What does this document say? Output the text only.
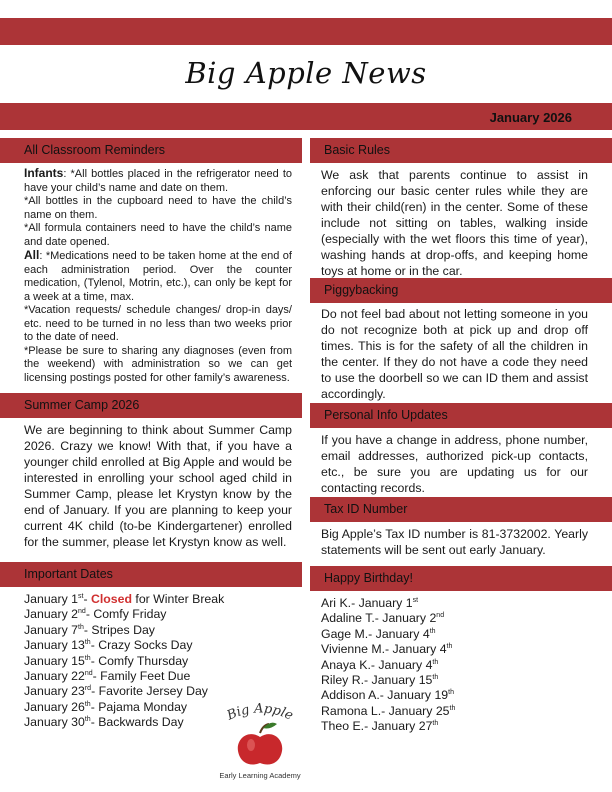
Big Apple News
January 2026
All Classroom Reminders

Infants: *All bottles placed in the refrigerator need to have your child’s name and date on them.

*All bottles in the cupboard need to have the child’s name on them.

*All formula containers need to have the child’s name and date opened.

All: *Medications need to be taken home at the end of each administration period. Over the counter medication, (Tylenol, Motrin, etc.), can only be kept for a week at a time, max.

*Vacation requests/ schedule changes/ drop-in days/ etc. need to be turned in no less than two weeks prior to the date of need.

*Please be sure to sharing any diagnoses (even from the weekend) with administration so we can get licensing postings posted for other family’s awareness.

Summer Camp 2026
We are beginning to think about Summer Camp 2026. Crazy we know! With that, if you have a younger child enrolled at Big Apple and would be interested in enrolling your school aged child in Summer Camp, please let Krystyn know by the end of January. If you are planning to keep your current 4K child (to-be Kindergartener) enrolled for the summer, please let Krystyn know as well.
Important Dates
January 1st- Closed for Winter Break
January 2nd- Comfy Friday
January 7th- Stripes Day
January 13th- Crazy Socks Day
January 15th- Comfy Thursday
January 22nd- Family Feet Due
January 23rd- Favorite Jersey Day
January 26th- Pajama Monday
January 30th- Backwards Day	Big Apple
Early Learning Academy
Basic Rules
We ask that parents continue to assist in enforcing our basic center rules while they are with their child(ren) in the center. Some of these include not sitting on tables, walking inside (especially with the wet floors this time of year), washing hands at drop-offs, and keeping home toys at home or in the car.
Piggybacking
Do not feel bad about not letting someone in you do not recognize both at pick up and drop off times. This is for the safety of all the children in the center. If they do not have a code they need to use the doorbell so we can ID them and assist accordingly.
Personal Info Updates
If you have a change in address, phone number, email addresses, authorized pick-up contacts, etc., be sure you are updating us for our contacting records.
Tax ID Number
Big Apple’s Tax ID number is 81-3732002. Yearly statements will be sent out early January.
Happy Birthday!
Ari K.- January 1st
Adaline T.- January 2nd
Gage M.- January 4th
Vivienne M.- January 4th
Anaya K.- January 4th
Riley R.- January 15th
Addison A.- January 19th
Ramona L.- January 25th
Theo E.- January 27th
